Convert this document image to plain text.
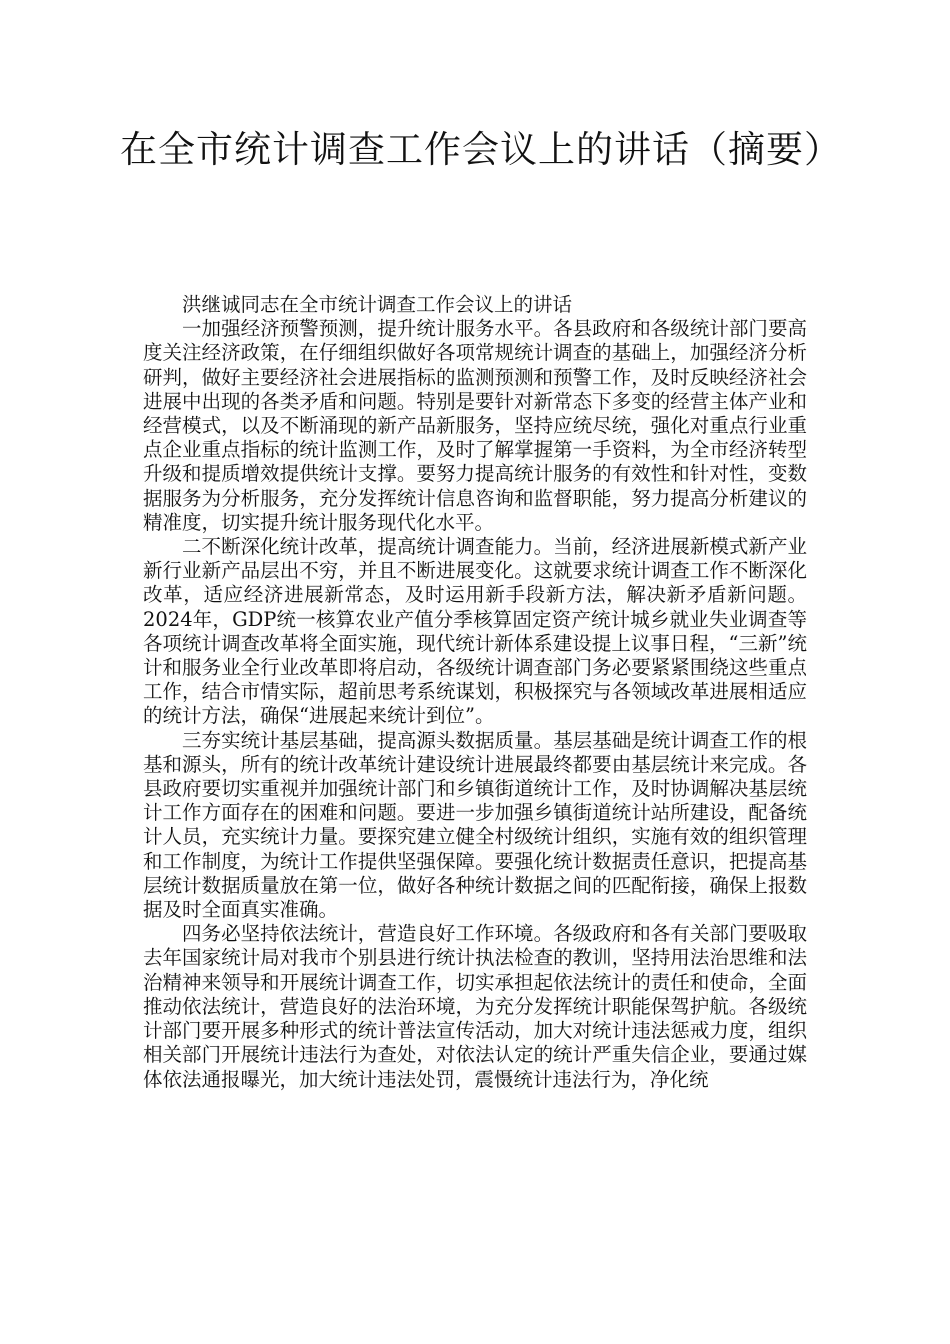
在全市统计调查工作会议上的讲话（摘要）

洪继诚同志在全市统计调查工作会议上的讲话

一加强经济预警预测，提升统计服务水平。各县政府和各级统计部门要高度关注经济政策，在仔细组织做好各项常规统计调查的基础上，加强经济分析研判，做好主要经济社会进展指标的监测预测和预警工作，及时反映经济社会进展中出现的各类矛盾和问题。特别是要针对新常态下多变的经营主体产业和经营模式，以及不断涌现的新产品新服务，坚持应统尽统，强化对重点行业重点企业重点指标的统计监测工作，及时了解掌握第一手资料，为全市经济转型升级和提质增效提供统计支撑。要努力提高统计服务的有效性和针对性，变数据服务为分析服务，充分发挥统计信息咨询和监督职能，努力提高分析建议的精准度，切实提升统计服务现代化水平。

二不断深化统计改革，提高统计调查能力。当前，经济进展新模式新产业新行业新产品层出不穷，并且不断进展变化。这就要求统计调查工作不断深化改革，适应经济进展新常态，及时运用新手段新方法，解决新矛盾新问题。2024年，GDP统一核算农业产值分季核算固定资产统计城乡就业失业调查等各项统计调查改革将全面实施，现代统计新体系建设提上议事日程，“三新”统计和服务业全行业改革即将启动，各级统计调查部门务必要紧紧围绕这些重点工作，结合市情实际，超前思考系统谋划，积极探究与各领域改革进展相适应的统计方法，确保“进展起来统计到位”。

三夯实统计基层基础，提高源头数据质量。基层基础是统计调查工作的根基和源头，所有的统计改革统计建设统计进展最终都要由基层统计来完成。各县政府要切实重视并加强统计部门和乡镇街道统计工作，及时协调解决基层统计工作方面存在的困难和问题。要进一步加强乡镇街道统计站所建设，配备统计人员，充实统计力量。要探究建立健全村级统计组织，实施有效的组织管理和工作制度，为统计工作提供坚强保障。要强化统计数据责任意识，把提高基层统计数据质量放在第一位，做好各种统计数据之间的匹配衔接，确保上报数据及时全面真实准确。

四务必坚持依法统计，营造良好工作环境。各级政府和各有关部门要吸取去年国家统计局对我市个别县进行统计执法检查的教训，坚持用法治思维和法治精神来领导和开展统计调查工作，切实承担起依法统计的责任和使命，全面推动依法统计，营造良好的法治环境，为充分发挥统计职能保驾护航。各级统计部门要开展多种形式的统计普法宣传活动，加大对统计违法惩戒力度，组织相关部门开展统计违法行为查处，对依法认定的统计严重失信企业，要通过媒体依法通报曝光，加大统计违法处罚，震慑统计违法行为，净化统
